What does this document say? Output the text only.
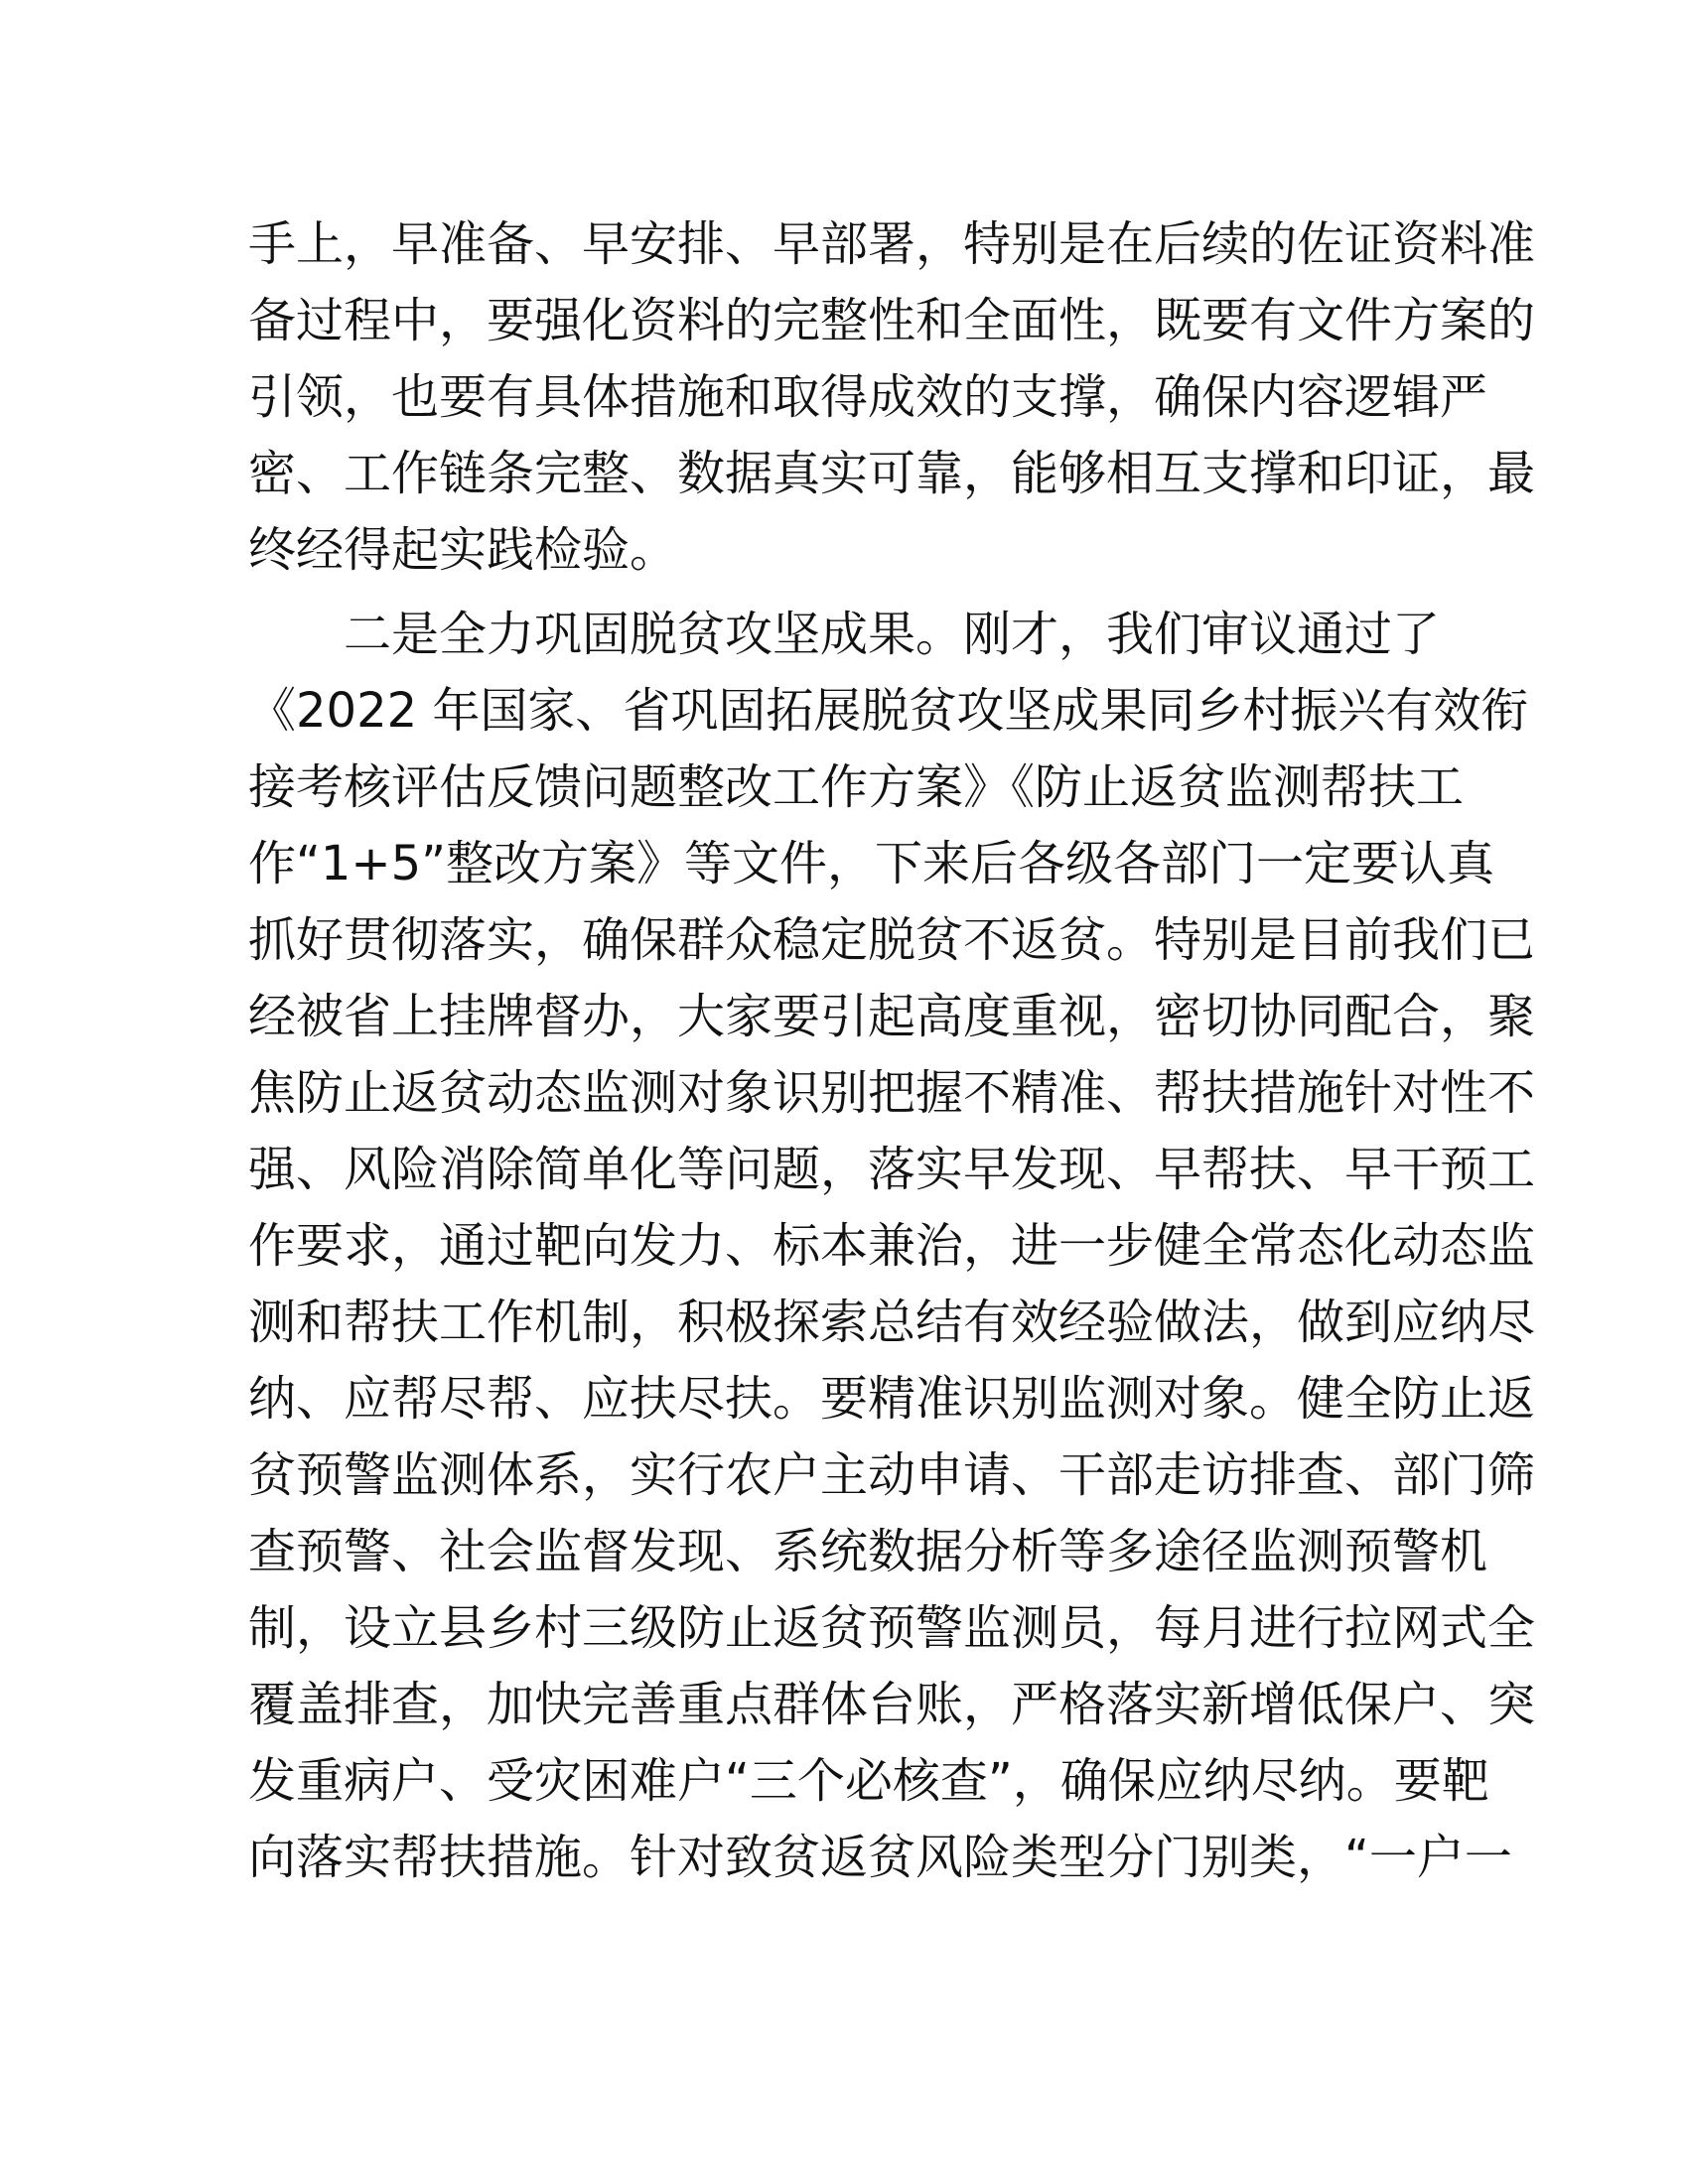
手上，早准备、早安排、早部署，特别是在后续的佐证资料准
备过程中，要强化资料的完整性和全面性，既要有文件方案的
引领，也要有具体措施和取得成效的支撑，确保内容逻辑严
密、工作链条完整、数据真实可靠，能够相互支撑和印证，最
终经得起实践检验。
　　二是全力巩固脱贫攻坚成果。刚才，我们审议通过了
《2022 年国家、省巩固拓展脱贫攻坚成果同乡村振兴有效衔
接考核评估反馈问题整改工作方案》《防止返贫监测帮扶工
作“1+5”整改方案》等文件，下来后各级各部门一定要认真
抓好贯彻落实，确保群众稳定脱贫不返贫。特别是目前我们已
经被省上挂牌督办，大家要引起高度重视，密切协同配合，聚
焦防止返贫动态监测对象识别把握不精准、帮扶措施针对性不
强、风险消除简单化等问题，落实早发现、早帮扶、早干预工
作要求，通过靶向发力、标本兼治，进一步健全常态化动态监
测和帮扶工作机制，积极探索总结有效经验做法，做到应纳尽
纳、应帮尽帮、应扶尽扶。要精准识别监测对象。健全防止返
贫预警监测体系，实行农户主动申请、干部走访排查、部门筛
查预警、社会监督发现、系统数据分析等多途径监测预警机
制，设立县乡村三级防止返贫预警监测员，每月进行拉网式全
覆盖排查，加快完善重点群体台账，严格落实新增低保户、突
发重病户、受灾困难户“三个必核查”，确保应纳尽纳。要靶
向落实帮扶措施。针对致贫返贫风险类型分门别类，“一户一
